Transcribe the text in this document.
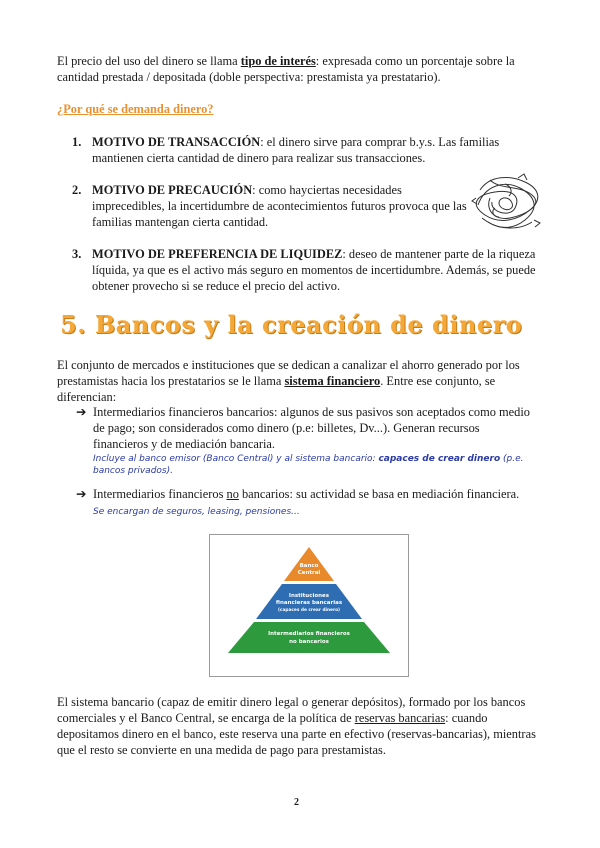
El precio del uso del dinero se llama tipo de interés: expresada como un porcentaje sobre la cantidad prestada / depositada (doble perspectiva: prestamista ya prestatario).

¿Por qué se demanda dinero?

1. MOTIVO DE TRANSACCIÓN: el dinero sirve para comprar b.y.s. Las familias mantienen cierta cantidad de dinero para realizar sus transacciones.
2. MOTIVO DE PRECAUCIÓN: como hayciertas necesidades imprecedibles, la incertidumbre de acontecimientos futuros provoca que las familias mantengan cierta cantidad.
3. MOTIVO DE PREFERENCIA DE LIQUIDEZ: deseo de mantener parte de la riqueza líquida, ya que es el activo más seguro en momentos de incertidumbre. Además, se puede obtener provecho si se reduce el precio del activo.
5. Bancos y la creación de dinero

El conjunto de mercados e instituciones que se dedican a canalizar el ahorro generado por los prestamistas hacia los prestatarios se le llama sistema financiero. Entre ese conjunto, se diferencian:

➔ Intermediarios financieros bancarios: algunos de sus pasivos son aceptados como medio de pago; son considerados como dinero (p.e: billetes, Dv...). Generan recursos financieros y de mediación bancaria.
Incluye al banco emisor (Banco Central) y al sistema bancario: capaces de crear dinero (p.e. bancos privados).
➔ Intermediarios financieros no bancarios: su actividad se basa en mediación financiera. Se encargan de seguros, leasing, pensiones...
Banco
Central
Instituciones
financieras bancarias
(capaces de crear dinero)
Intermediarios financieros
no bancarios

El sistema bancario (capaz de emitir dinero legal o generar depósitos), formado por los bancos comerciales y el Banco Central, se encarga de la política de reservas bancarias: cuando depositamos dinero en el banco, este reserva una parte en efectivo (reservas-bancarias), mientras que el resto se convierte en una medida de pago para prestamistas.

2
